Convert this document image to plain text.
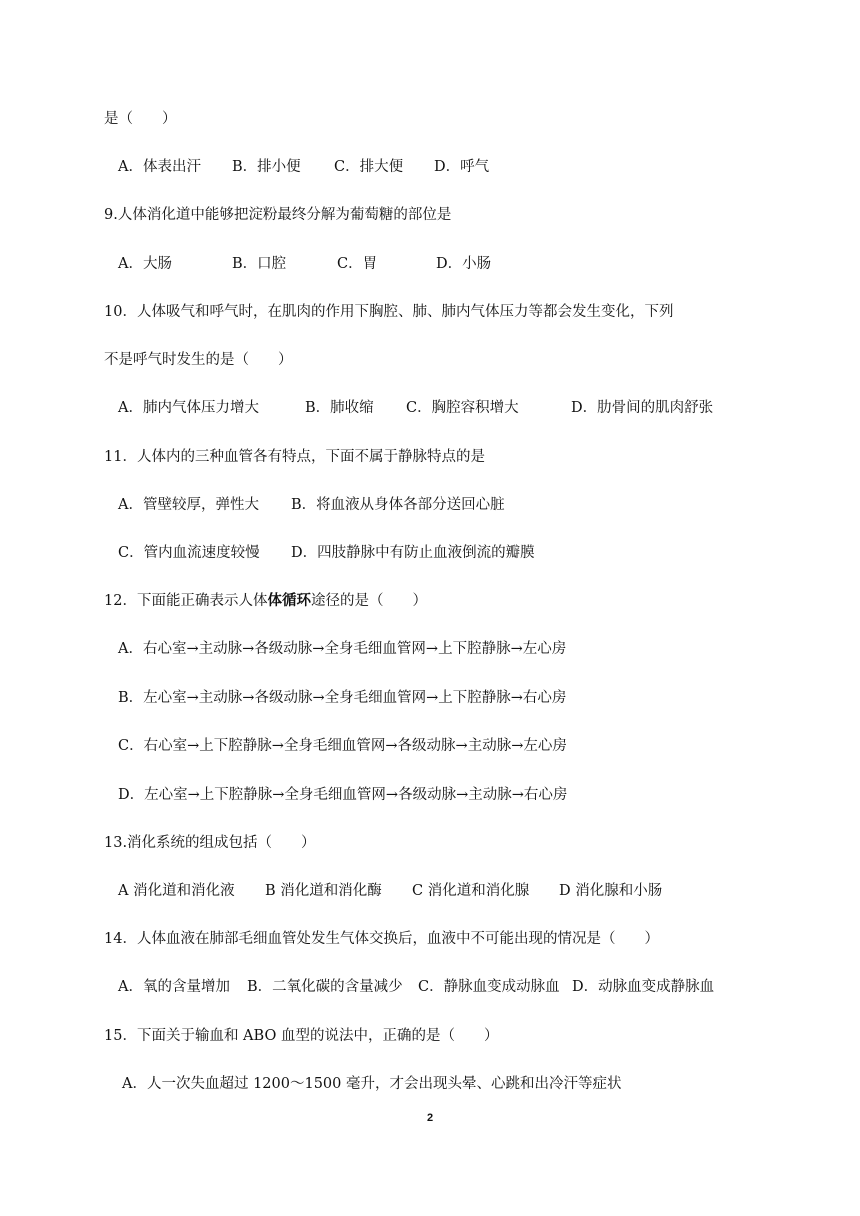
是（　　）
A．体表出汗 B．排小便 C．排大便 D．呼气
9.人体消化道中能够把淀粉最终分解为葡萄糖的部位是
A．大肠	B．口腔	C．胃	D．小肠
10．人体吸气和呼气时，在肌肉的作用下胸腔、肺、肺内气体压力等都会发生变化，下列
不是呼气时发生的是（　　）
A．肺内气体压力增大	B．肺收缩 C．胸腔容积增大	D．肋骨间的肌肉舒张
11．人体内的三种血管各有特点，下面不属于静脉特点的是
A．管壁较厚，弹性大 B．将血液从身体各部分送回心脏
C．管内血流速度较慢 D．四肢静脉中有防止血液倒流的瓣膜
12．下面能正确表示人体体循环途径的是（　　）
A．右心室→主动脉→各级动脉→全身毛细血管网→上下腔静脉→左心房
B．左心室→主动脉→各级动脉→全身毛细血管网→上下腔静脉→右心房
C．右心室→上下腔静脉→全身毛细血管网→各级动脉→主动脉→左心房
D．左心室→上下腔静脉→全身毛细血管网→各级动脉→主动脉→右心房
13.消化系统的组成包括（　　）
A 消化道和消化液 B 消化道和消化酶 C 消化道和消化腺 D 消化腺和小肠
14．人体血液在肺部毛细血管处发生气体交换后，血液中不可能出现的情况是（　　）
A．氧的含量增加 B．二氧化碳的含量减少 C．静脉血变成动脉血 D．动脉血变成静脉血
15．下面关于输血和 ABO 血型的说法中，正确的是（　　）
A．人一次失血超过 1200～1500 毫升，才会出现头晕、心跳和出冷汗等症状
2
